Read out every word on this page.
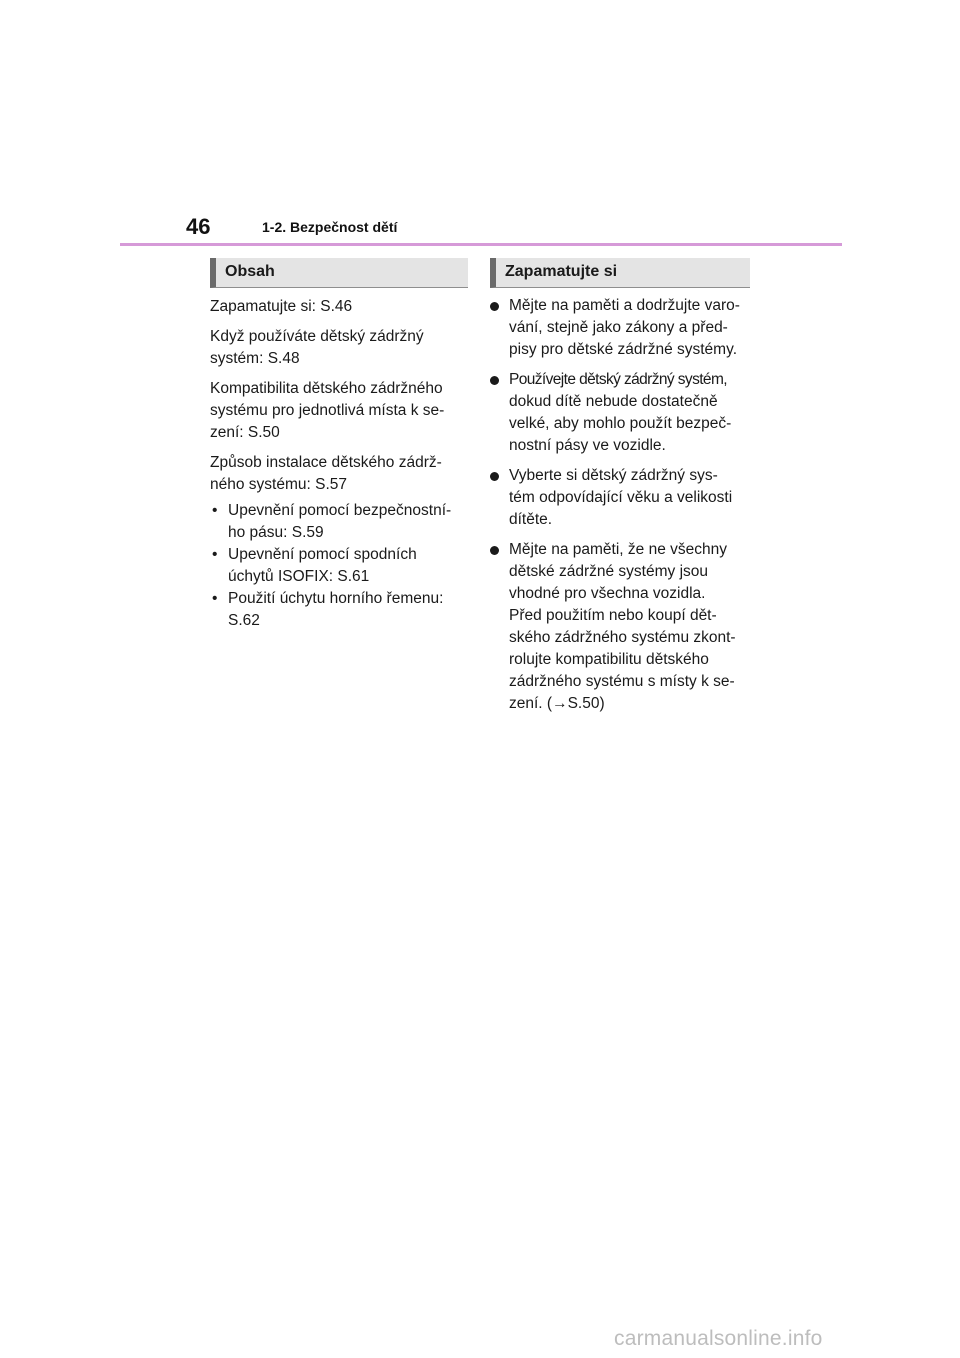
46	1-2. Bezpečnost dětí
Obsah
Zapamatujte si: S.46
Když používáte dětský zádržný
systém: S.48
Kompatibilita dětského zádržného
systému pro jednotlivá místa k se-
zení: S.50
Způsob instalace dětského zádrž-
ného systému: S.57
• Upevnění pomocí bezpečnostní-
ho pásu: S.59
• Upevnění pomocí spodních
úchytů ISOFIX: S.61
• Použití úchytu horního řemenu:
S.62
Zapamatujte si
Mějte na paměti a dodržujte varo-
vání, stejně jako zákony a před-
pisy pro dětské zádržné systémy.
Používejte dětský zádržný systém,
dokud dítě nebude dostatečně
velké, aby mohlo použít bezpeč-
nostní pásy ve vozidle.
Vyberte si dětský zádržný sys-
tém odpovídající věku a velikosti
dítěte.
Mějte na paměti, že ne všechny
dětské zádržné systémy jsou
vhodné pro všechna vozidla.
Před použitím nebo koupí dět-
ského zádržného systému zkont-
rolujte kompatibilitu dětského
zádržného systému s místy k se-
zení. (→S.50)
carmanualsonline.info
